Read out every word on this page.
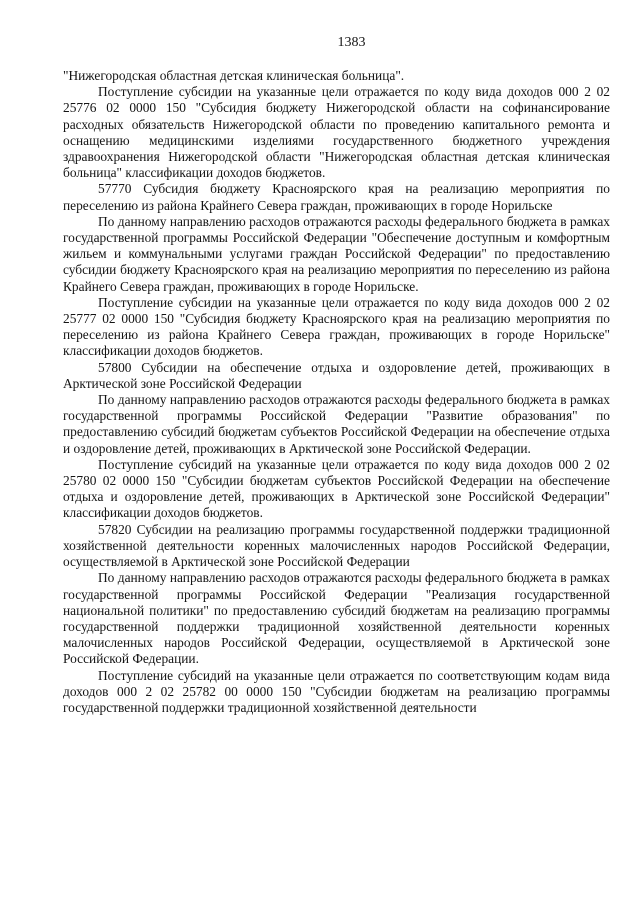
1383

"Нижегородская областная детская клиническая больница".

Поступление субсидии на указанные цели отражается по коду вида доходов 000 2 02 25776 02 0000 150 "Субсидия бюджету Нижегородской области на софинансирование расходных обязательств Нижегородской области по проведению капитального ремонта и оснащению медицинскими изделиями государственного бюджетного учреждения здравоохранения Нижегородской области "Нижегородская областная детская клиническая больница" классификации доходов бюджетов.

57770 Субсидия бюджету Красноярского края на реализацию мероприятия по переселению из района Крайнего Севера граждан, проживающих в городе Норильске

По данному направлению расходов отражаются расходы федерального бюджета в рамках государственной программы Российской Федерации "Обеспечение доступным и комфортным жильем и коммунальными услугами граждан Российской Федерации" по предоставлению субсидии бюджету Красноярского края на реализацию мероприятия по переселению из района Крайнего Севера граждан, проживающих в городе Норильске.

Поступление субсидии на указанные цели отражается по коду вида доходов 000 2 02 25777 02 0000 150 "Субсидия бюджету Красноярского края на реализацию мероприятия по переселению из района Крайнего Севера граждан, проживающих в городе Норильске" классификации доходов бюджетов.

57800 Субсидии на обеспечение отдыха и оздоровление детей, проживающих в Арктической зоне Российской Федерации

По данному направлению расходов отражаются расходы федерального бюджета в рамках государственной программы Российской Федерации "Развитие образования" по предоставлению субсидий бюджетам субъектов Российской Федерации на обеспечение отдыха и оздоровление детей, проживающих в Арктической зоне Российской Федерации.

Поступление субсидий на указанные цели отражается по коду вида доходов 000 2 02 25780 02 0000 150 "Субсидии бюджетам субъектов Российской Федерации на обеспечение отдыха и оздоровление детей, проживающих в Арктической зоне Российской Федерации" классификации доходов бюджетов.

57820 Субсидии на реализацию программы государственной поддержки традиционной хозяйственной деятельности коренных малочисленных народов Российской Федерации, осуществляемой в Арктической зоне Российской Федерации

По данному направлению расходов отражаются расходы федерального бюджета в рамках государственной программы Российской Федерации "Реализация государственной национальной политики" по предоставлению субсидий бюджетам на реализацию программы государственной поддержки традиционной хозяйственной деятельности коренных малочисленных народов Российской Федерации, осуществляемой в Арктической зоне Российской Федерации.

Поступление субсидий на указанные цели отражается по соответствующим кодам вида доходов 000 2 02 25782 00 0000 150 "Субсидии бюджетам на реализацию программы государственной поддержки традиционной хозяйственной деятельности
